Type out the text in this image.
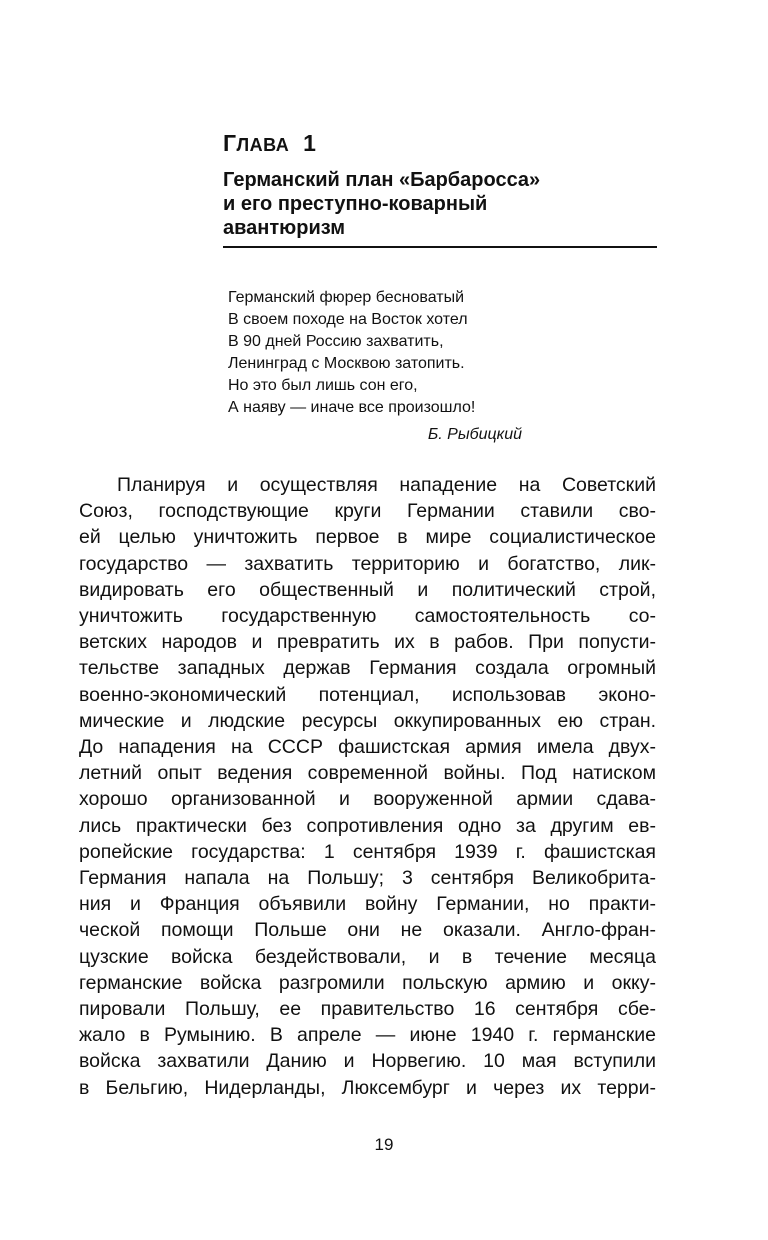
ГЛАВА 1
Германский план «Барбаросса»
и его преступно-коварный
авантюризм
Германский фюрер бесноватый
В своем походе на Восток хотел
В 90 дней Россию захватить,
Ленинград с Москвою затопить.
Но это был лишь сон его,
А наяву — иначе все произошло!
Б. Рыбицкий
Планируя и осуществляя нападение на Советский
Союз, господствующие круги Германии ставили сво-
ей целью уничтожить первое в мире социалистическое
государство — захватить территорию и богатство, лик-
видировать его общественный и политический строй,
уничтожить государственную самостоятельность со-
ветских народов и превратить их в рабов. При попусти-
тельстве западных держав Германия создала огромный
военно-экономический потенциал, использовав эконо-
мические и людские ресурсы оккупированных ею стран.
До нападения на СССР фашистская армия имела двух-
летний опыт ведения современной войны. Под натиском
хорошо организованной и вооруженной армии сдава-
лись практически без сопротивления одно за другим ев-
ропейские государства: 1 сентября 1939 г. фашистская
Германия напала на Польшу; 3 сентября Великобрита-
ния и Франция объявили войну Германии, но практи-
ческой помощи Польше они не оказали. Англо-фран-
цузские войска бездействовали, и в течение месяца
германские войска разгромили польскую армию и окку-
пировали Польшу, ее правительство 16 сентября сбе-
жало в Румынию. В апреле — июне 1940 г. германские
войска захватили Данию и Норвегию. 10 мая вступили
в Бельгию, Нидерланды, Люксембург и через их терри-
19
